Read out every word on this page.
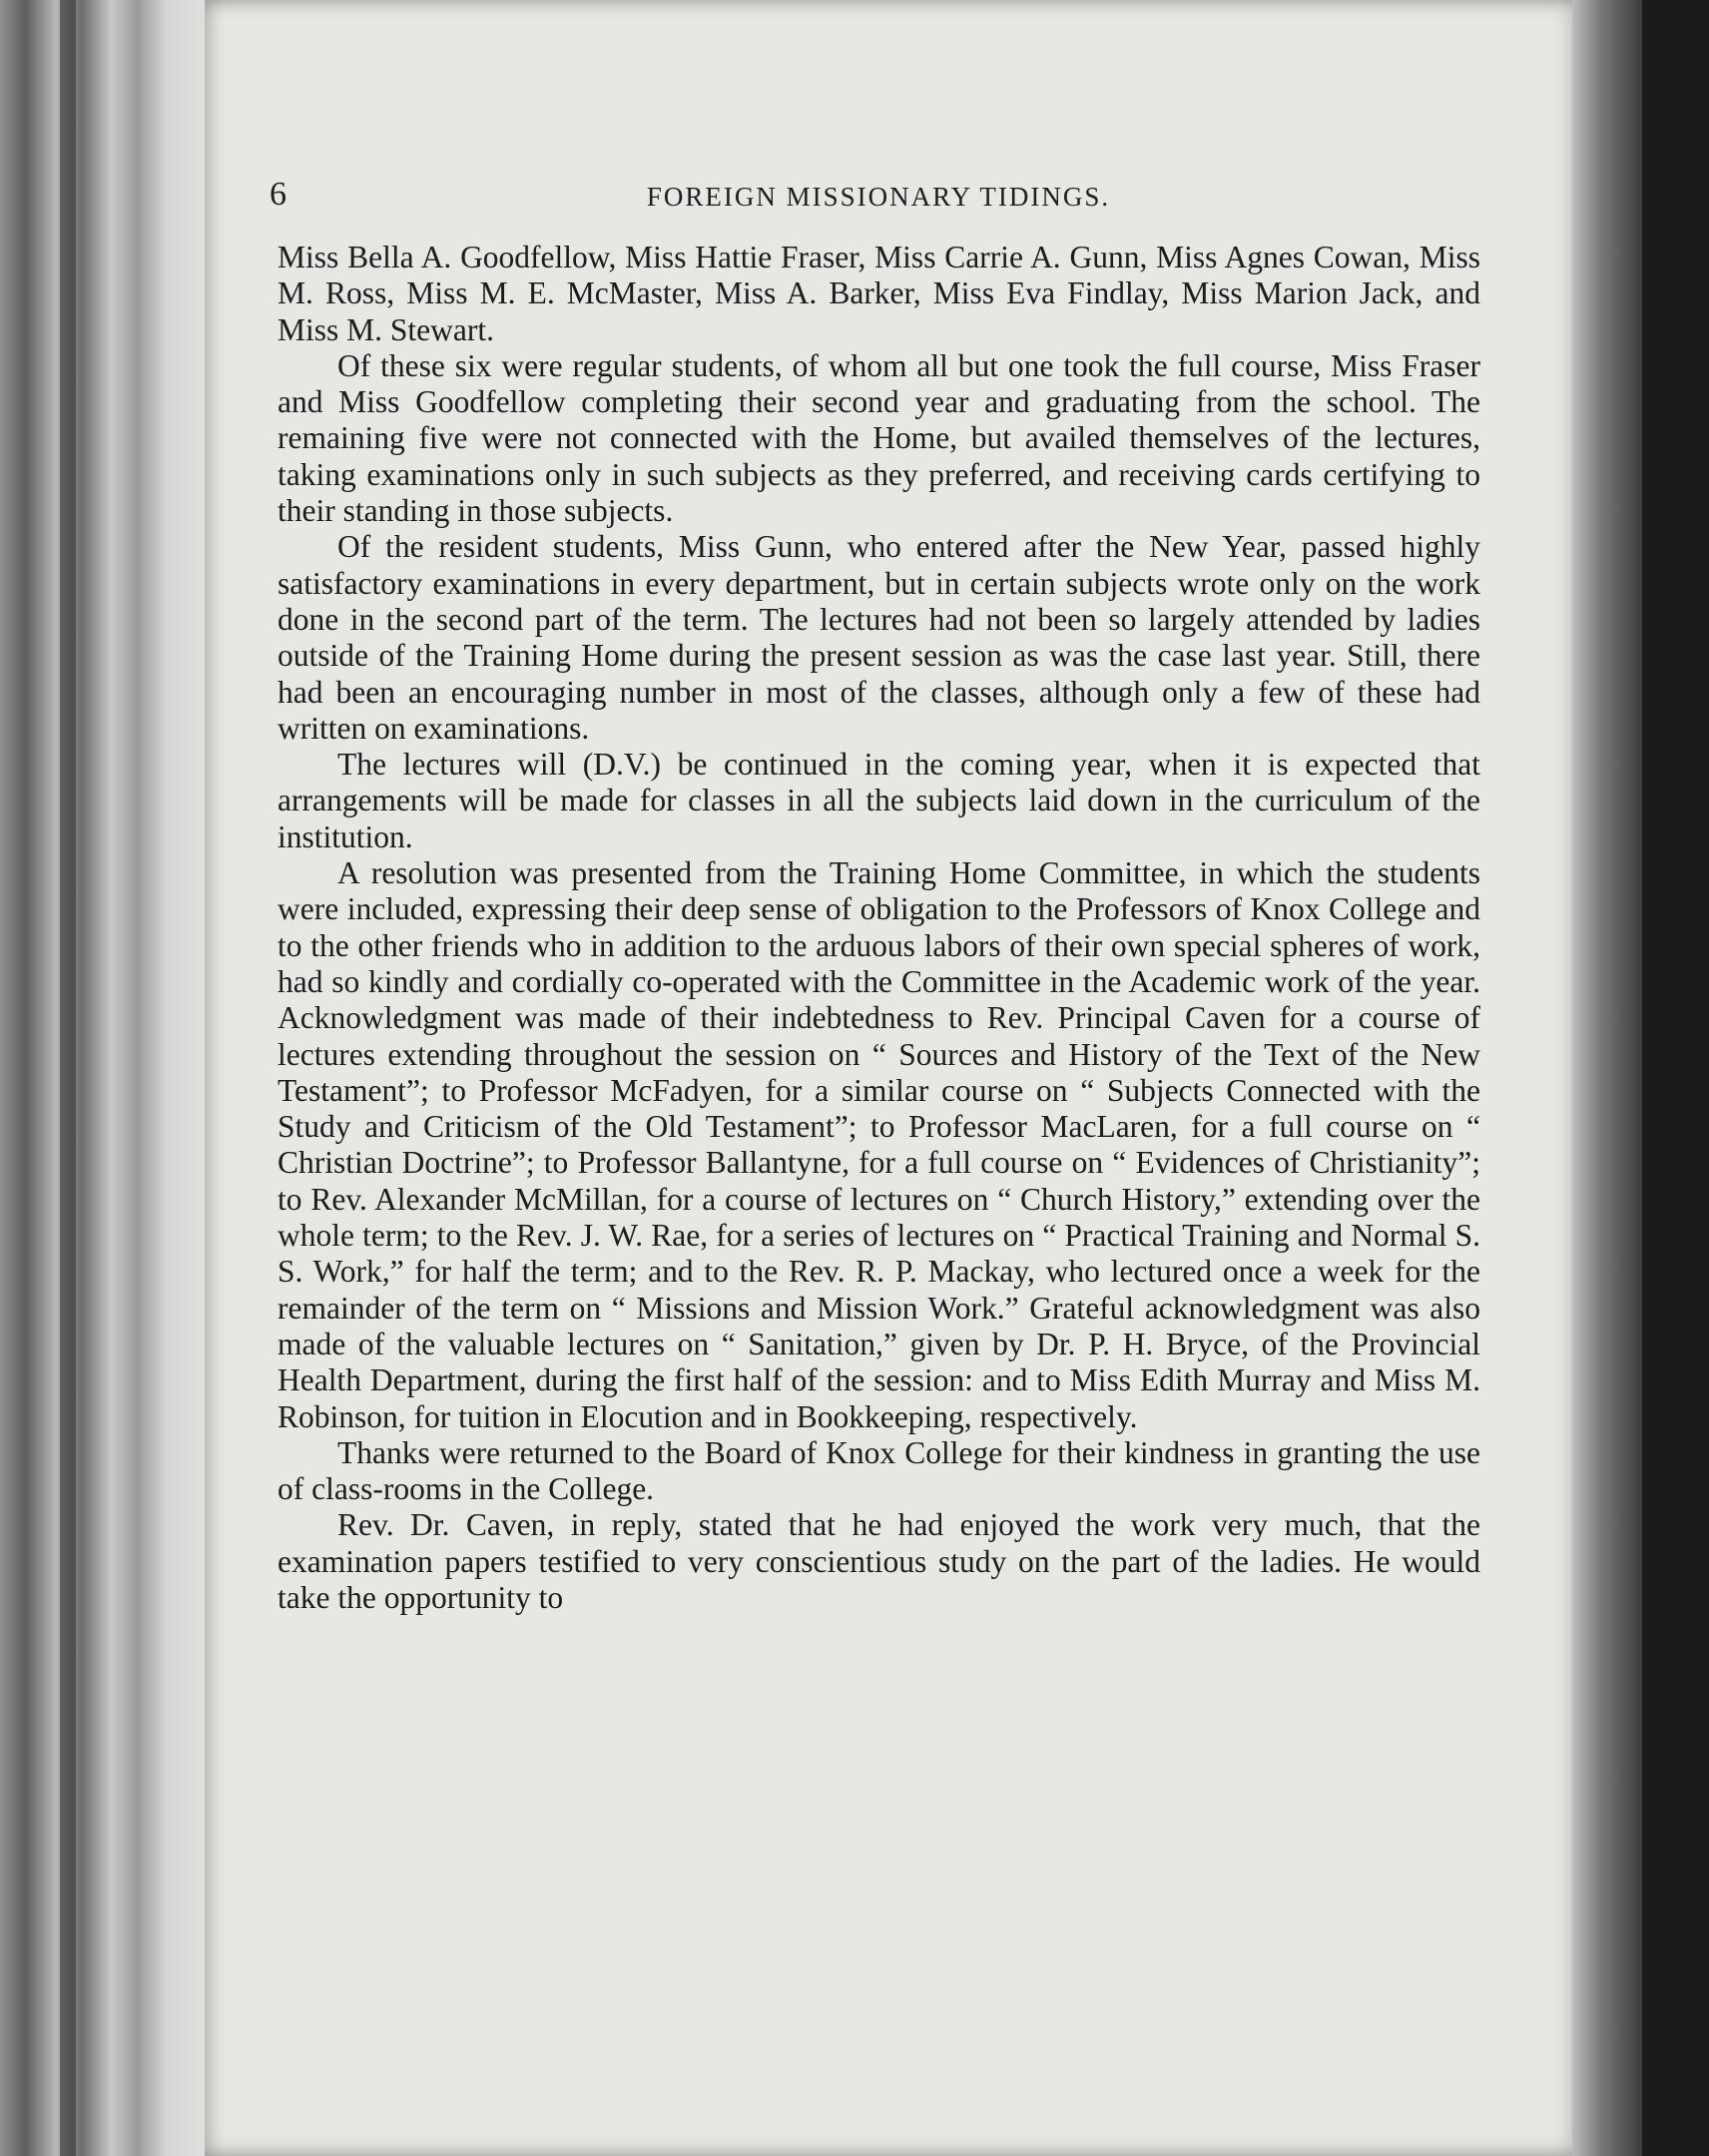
6	FOREIGN MISSIONARY TIDINGS.

Miss Bella A. Goodfellow, Miss Hattie Fraser, Miss Carrie A. Gunn, Miss Agnes Cowan, Miss M. Ross, Miss M. E. McMaster, Miss A. Barker, Miss Eva Findlay, Miss Marion Jack, and Miss M. Stewart.

Of these six were regular students, of whom all but one took the full course, Miss Fraser and Miss Goodfellow completing their second year and graduating from the school. The remaining five were not connected with the Home, but availed themselves of the lectures, taking examinations only in such subjects as they preferred, and receiving cards certifying to their standing in those subjects.

Of the resident students, Miss Gunn, who entered after the New Year, passed highly satisfactory examinations in every department, but in certain subjects wrote only on the work done in the second part of the term. The lectures had not been so largely attended by ladies outside of the Training Home during the present session as was the case last year. Still, there had been an encouraging number in most of the classes, although only a few of these had written on examinations.

The lectures will (D.V.) be continued in the coming year, when it is expected that arrangements will be made for classes in all the subjects laid down in the curriculum of the institution.

A resolution was presented from the Training Home Committee, in which the students were included, expressing their deep sense of obligation to the Professors of Knox College and to the other friends who in addition to the arduous labors of their own special spheres of work, had so kindly and cordially co-operated with the Committee in the Academic work of the year. Acknowledgment was made of their indebtedness to Rev. Principal Caven for a course of lectures extending throughout the session on “ Sources and History of the Text of the New Testament”; to Professor McFadyen, for a similar course on “ Subjects Connected with the Study and Criticism of the Old Testament”; to Professor MacLaren, for a full course on “ Christian Doctrine”; to Professor Ballantyne, for a full course on “ Evidences of Christianity”; to Rev. Alexander McMillan, for a course of lectures on “ Church History,” extending over the whole term; to the Rev. J. W. Rae, for a series of lectures on “ Practical Training and Normal S. S. Work,” for half the term; and to the Rev. R. P. Mackay, who lectured once a week for the remainder of the term on “ Missions and Mission Work.” Grateful acknowledgment was also made of the valuable lectures on “ Sanitation,” given by Dr. P. H. Bryce, of the Provincial Health Department, during the first half of the session: and to Miss Edith Murray and Miss M. Robinson, for tuition in Elocution and in Bookkeeping, respectively.

Thanks were returned to the Board of Knox College for their kindness in granting the use of class-rooms in the College.

Rev. Dr. Caven, in reply, stated that he had enjoyed the work very much, that the examination papers testified to very conscientious study on the part of the ladies. He would take the opportunity to
